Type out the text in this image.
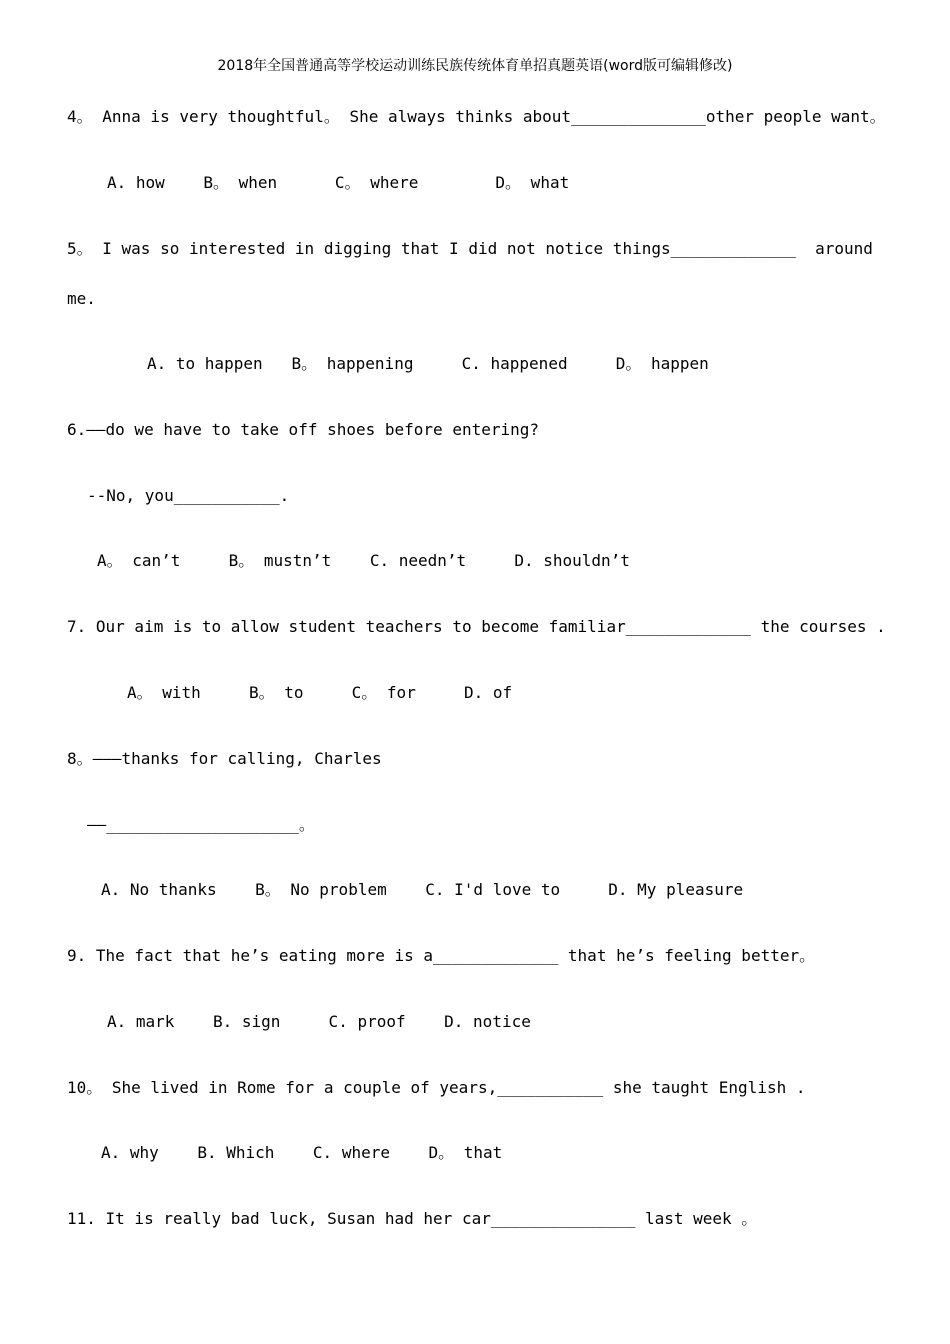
2018年全国普通高等学校运动训练民族传统体育单招真题英语(word版可编辑修改)
4。 Anna is very thoughtful。 She always thinks about______________other people want。
A. how    B。 when      C。 where        D。 what
5。 I was so interested in digging that I did not notice things_____________  around
me.
A. to happen   B。 happening     C. happened     D。 happen
6.——do we have to take off shoes before entering?
--No, you___________.
A。 can’t     B。 mustn’t    C. needn’t     D. shouldn’t
7. Our aim is to allow student teachers to become familiar_____________ the courses .
A。 with     B。 to     C。 for     D. of
8。———thanks for calling, Charles
——____________________。
A. No thanks    B。 No problem    C. I'd love to     D. My pleasure
9. The fact that he’s eating more is a_____________ that he’s feeling better。
A. mark    B. sign     C. proof    D. notice
10。 She lived in Rome for a couple of years,___________ she taught English .
A. why    B. Which    C. where    D。 that
11. It is really bad luck, Susan had her car_______________ last week 。
